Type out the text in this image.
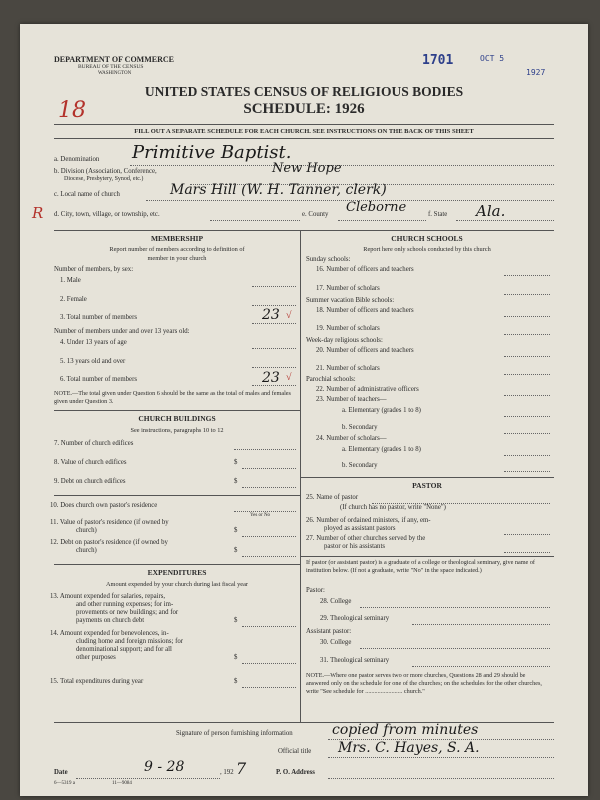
DEPARTMENT OF COMMERCE
BUREAU OF THE CENSUS
WASHINGTON
1701	OCT 5
1927
18
R
UNITED STATES CENSUS OF RELIGIOUS BODIES
SCHEDULE: 1926
FILL OUT A SEPARATE SCHEDULE FOR EACH CHURCH. SEE INSTRUCTIONS ON THE BACK OF THIS SHEET
a. Denomination Primitive Baptist.
b. Division (Association, Conference,
Diocese, Presbytery, Synod, etc.)
New Hope
c. Local name of church	Mars Hill (W. H. Tanner, clerk)
d. City, town, village, or township, etc.	e. County Cleborne	f. State Ala.
MEMBERSHIP
Report number of members according to definition of
member in your church
Number of members, by sex:
1. Male
2. Female
3. Total number of members	23 √
Number of members under and over 13 years old:
4. Under 13 years of age
5. 13 years old and over
6. Total number of members	23 √
NOTE.—The total given under Question 6 should be the same as the total of males and females given under Question 3.
CHURCH BUILDINGS
See instructions, paragraphs 10 to 12
7. Number of church edifices
8. Value of church edifices	$
9. Debt on church edifices	$
10. Does church own pastor's residence
Yes or No
11. Value of pastor's residence (if owned by
church)	$
12. Debt on pastor's residence (if owned by
church)	$
EXPENDITURES
Amount expended by your church during last fiscal year
13. Amount expended for salaries, repairs,
and other running expenses; for im-
provements or new buildings; and for
payments on church debt	$
14. Amount expended for benevolences, in-
cluding home and foreign missions; for
denominational support; and for all
other purposes	$
15. Total expenditures during year	$
CHURCH SCHOOLS
Report here only schools conducted by this church
Sunday schools:
16. Number of officers and teachers
17. Number of scholars
Summer vacation Bible schools:
18. Number of officers and teachers
19. Number of scholars
Week-day religious schools:
20. Number of officers and teachers
21. Number of scholars
Parochial schools:
22. Number of administrative officers
23. Number of teachers—
a. Elementary (grades 1 to 8)
b. Secondary
24. Number of scholars—
a. Elementary (grades 1 to 8)
b. Secondary
PASTOR
25. Name of pastor
(If church has no pastor, write "None")
26. Number of ordained ministers, if any, em-
ployed as assistant pastors
27. Number of other churches served by the
pastor or his assistants
If pastor (or assistant pastor) is a graduate of a college or theological seminary, give name of institution below. (If not a graduate, write "No" in the space indicated.)
Pastor:
28. College
29. Theological seminary
Assistant pastor:
30. College
31. Theological seminary
NOTE.—Where one pastor serves two or more churches, Questions 28 and 29 should be answered only on the schedule for one of the churches; on the schedules for the other churches, write "See schedule for ........................ church."
Signature of person furnishing information	copied from minutes
Official title Mrs. C. Hayes, S. A.
Date	9 - 28	, 192 7	P. O. Address
6—5319 a	11—9084
